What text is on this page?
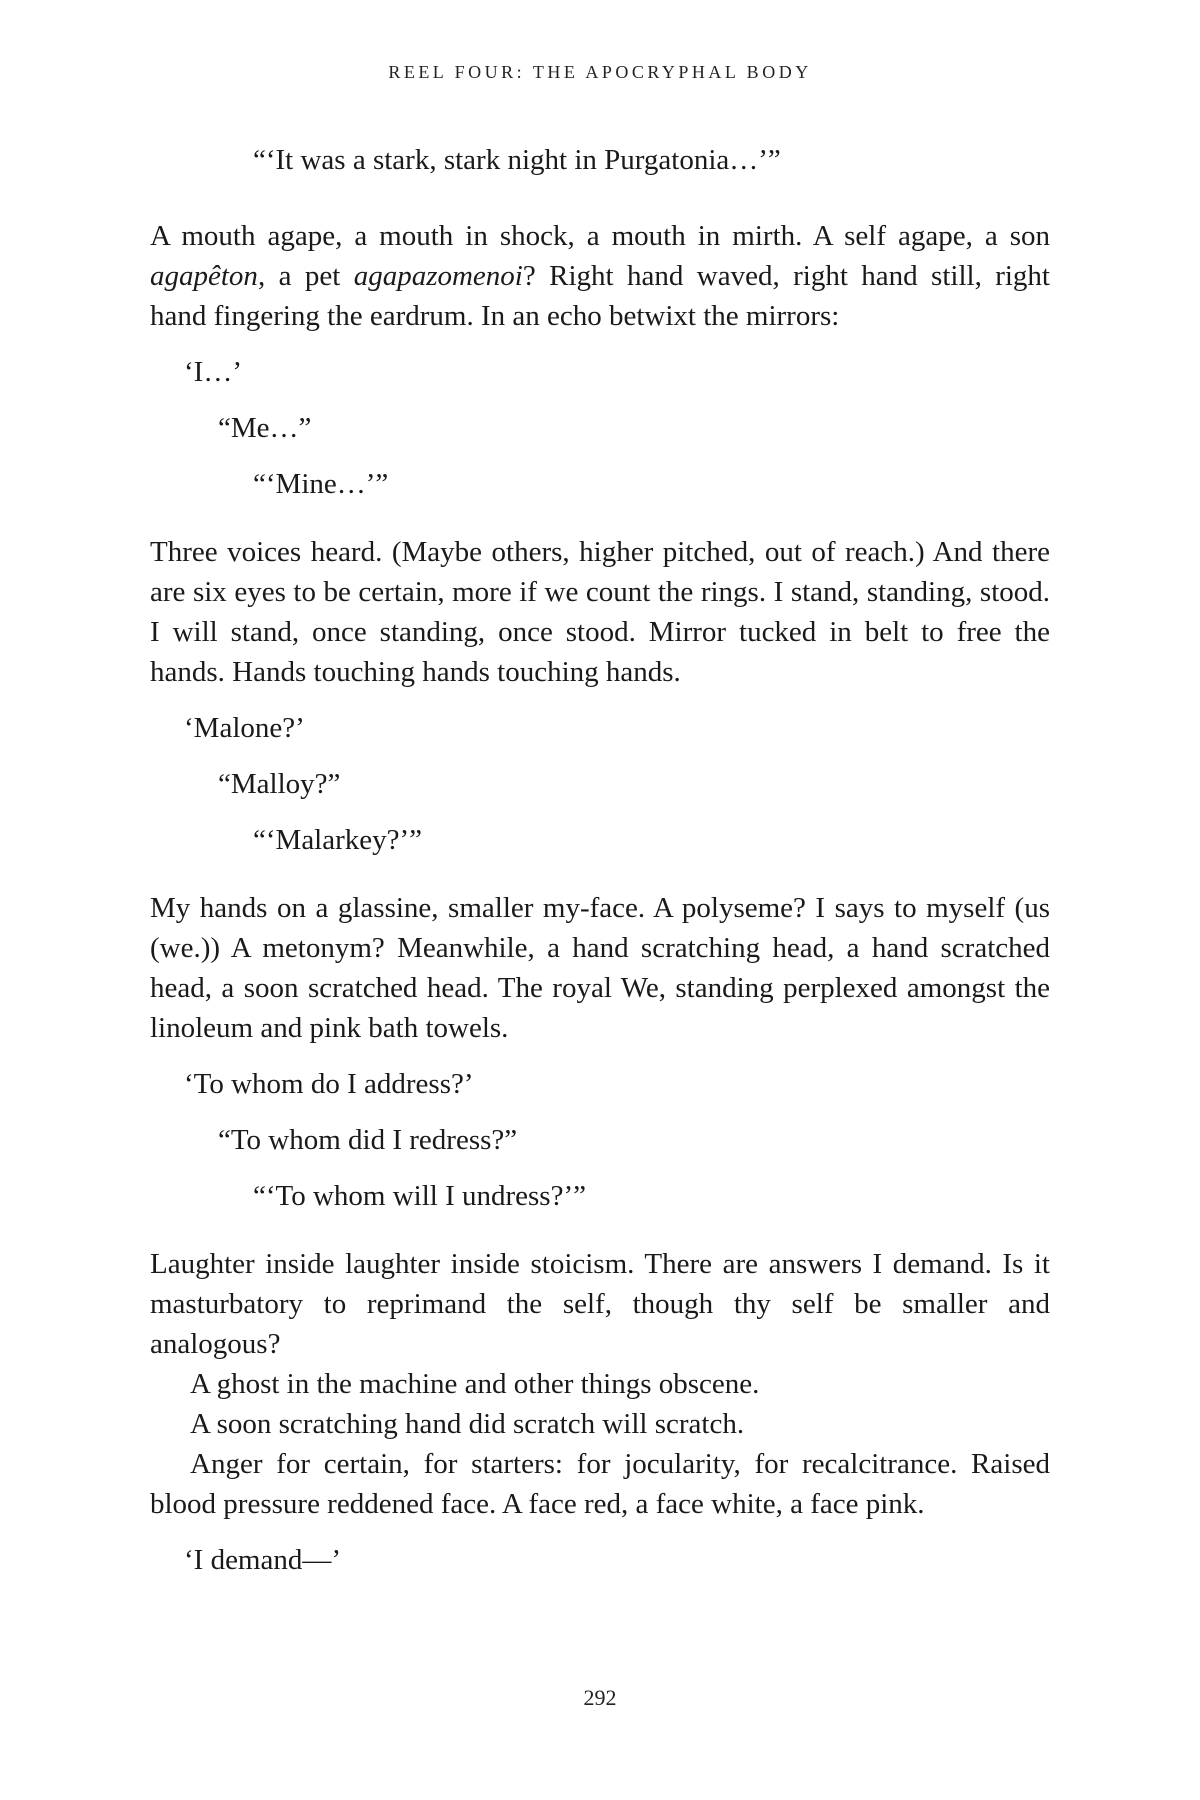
REEL FOUR: THE APOCRYPHAL BODY

“‘It was a stark, stark night in Purgatonia…’”

A mouth agape, a mouth in shock, a mouth in mirth. A self agape, a son agapêton, a pet agapazomenoi? Right hand waved, right hand still, right hand fingering the eardrum. In an echo betwixt the mirrors:

‘I…’

“Me…”

“‘Mine…’”

Three voices heard. (Maybe others, higher pitched, out of reach.) And there are six eyes to be certain, more if we count the rings. I stand, standing, stood. I will stand, once standing, once stood. Mirror tucked in belt to free the hands. Hands touching hands touching hands.

‘Malone?’

“Malloy?”

“‘Malarkey?’”

My hands on a glassine, smaller my-face. A polyseme? I says to myself (us (we.)) A metonym? Meanwhile, a hand scratching head, a hand scratched head, a soon scratched head. The royal We, standing perplexed amongst the linoleum and pink bath towels.

‘To whom do I address?’

“To whom did I redress?”

“‘To whom will I undress?’”

Laughter inside laughter inside stoicism. There are answers I demand. Is it masturbatory to reprimand the self, though thy self be smaller and analogous?

A ghost in the machine and other things obscene.

A soon scratching hand did scratch will scratch.

Anger for certain, for starters: for jocularity, for recalcitrance. Raised blood pressure reddened face. A face red, a face white, a face pink.

‘I demand—’

292
